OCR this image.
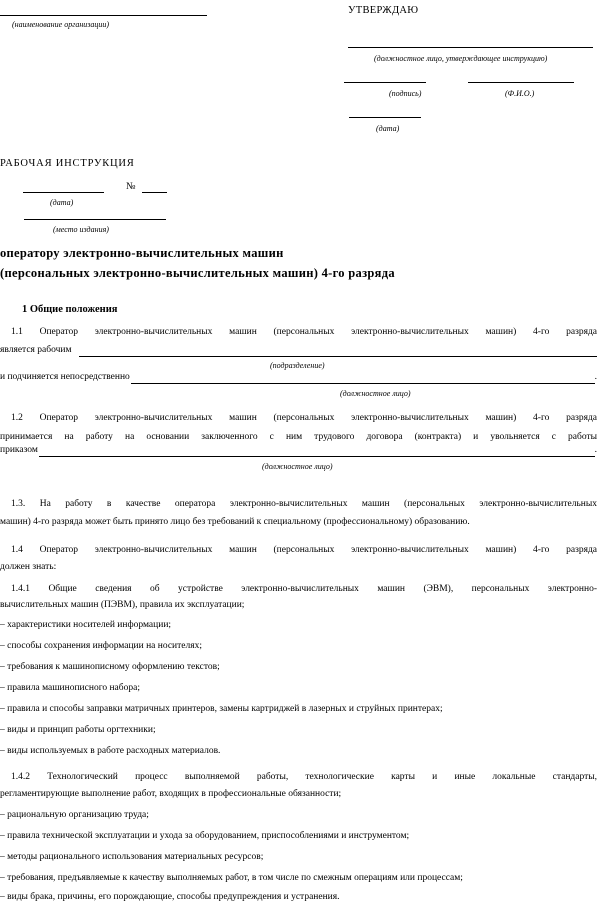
(наименование организации)
УТВЕРЖДАЮ
(должностное лицо, утверждающее инструкцию)
(подпись)	(Ф.И.О.)
(дата)
РАБОЧАЯ ИНСТРУКЦИЯ
№
(дата)
(место издания)
оператору электронно-вычислительных машин
(персональных электронно-вычислительных машин) 4-го разряда
1 Общие положения
1.1 Оператор электронно-вычислительных машин (персональных электронно-вычислительных машин) 4-го разряда
является рабочим
(подразделение)
и подчиняется непосредственно	.
(должностное лицо)
1.2 Оператор электронно-вычислительных машин (персональных электронно-вычислительных машин) 4-го разряда
принимается на работу на основании заключенного с ним трудового договора (контракта) и увольняется с работы
приказом	.
(должностное лицо)
1.3. На работу в качестве оператора электронно-вычислительных машин (персональных электронно-вычислительных
машин) 4-го разряда может быть принято лицо без требований к специальному (профессиональному) образованию.
1.4 Оператор электронно-вычислительных машин (персональных электронно-вычислительных машин) 4-го разряда
должен знать:
1.4.1 Общие сведения об устройстве электронно-вычислительных машин (ЭВМ), персональных электронно-
вычислительных машин (ПЭВМ), правила их эксплуатации;
– характеристики носителей информации;
– способы сохранения информации на носителях;
– требования к машинописному оформлению текстов;
– правила машинописного набора;
– правила и способы заправки матричных принтеров, замены картриджей в лазерных и струйных принтерах;
– виды и принцип работы оргтехники;
– виды используемых в работе расходных материалов.
1.4.2 Технологический процесс выполняемой работы, технологические карты и иные локальные стандарты,
регламентирующие выполнение работ, входящих в профессиональные обязанности;
– рациональную организацию труда;
– правила технической эксплуатации и ухода за оборудованием, приспособлениями и инструментом;
– методы рационального использования материальных ресурсов;
– требования, предъявляемые к качеству выполняемых работ, в том числе по смежным операциям или процессам;
– виды брака, причины, его порождающие, способы предупреждения и устранения.
